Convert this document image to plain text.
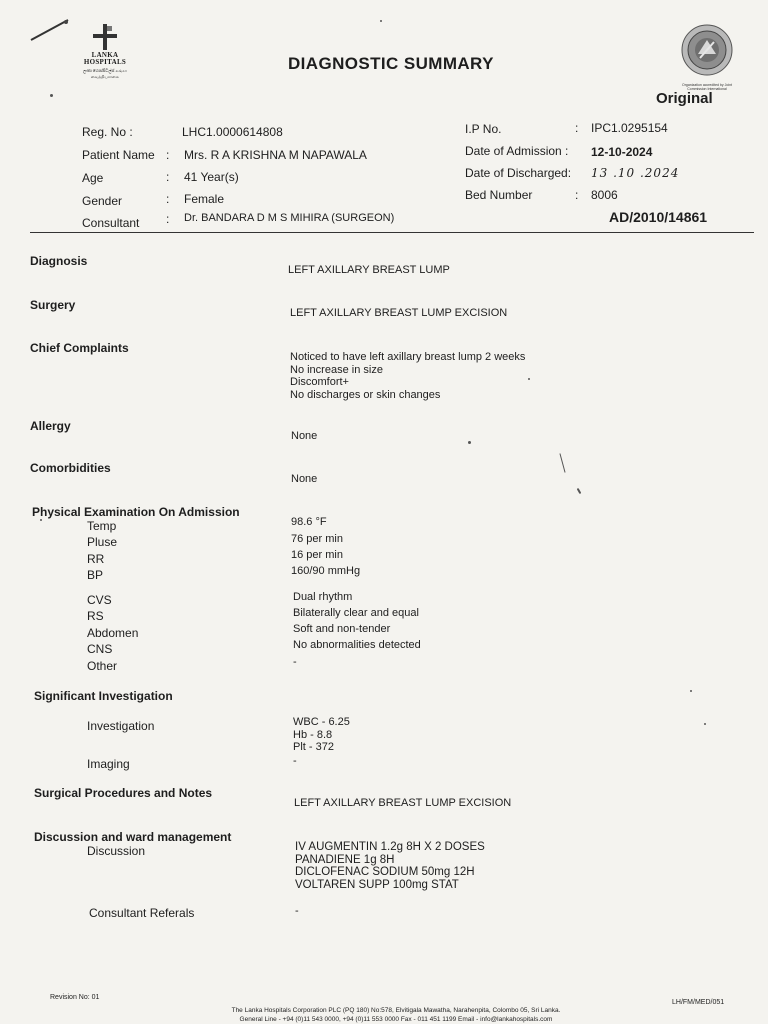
LANKA
HOSPITALS
ලංකා හොස්පිටල්ස් லங்கா வைத்தியசாலை
DIAGNOSTIC SUMMARY
Organization accredited by Joint Commission International
Original
Reg. No :	LHC1.0000614808
Patient Name : Mrs. R A KRISHNA M NAPAWALA
Age	: 41 Year(s)
Gender	: Female
Consultant : Dr. BANDARA D M S MIHIRA (SURGEON)
I.P No.	: IPC1.0295154
Date of Admission : 12-10-2024
Date of Discharged: 13 .10 .2024
Bed Number	: 8006
AD/2010/14861
Diagnosis
LEFT AXILLARY BREAST LUMP
Surgery
LEFT AXILLARY BREAST LUMP EXCISION
Chief Complaints
Noticed to have left axillary breast lump 2 weeks
No increase in size
Discomfort+
No discharges or skin changes
Allergy
None
Comorbidities
None
Physical Examination On Admission
Temp	98.6 °F
Pluse	76 per min
RR	16 per min
BP	160/90 mmHg
CVS	Dual rhythm
RS	Bilaterally clear and equal
Abdomen	Soft and non-tender
CNS	No abnormalities detected
Other	-
Significant Investigation
Investigation	WBC - 6.25
Hb - 8.8
Plt - 372
Imaging	-
Surgical Procedures and Notes
LEFT AXILLARY BREAST LUMP EXCISION
Discussion and ward management
Discussion	IV AUGMENTIN 1.2g 8H X 2 DOSES
PANADIENE 1g 8H
DICLOFENAC SODIUM 50mg 12H
VOLTAREN SUPP 100mg STAT
Consultant Referals	-
Revision No: 01
LH/FM/MED/051
The Lanka Hospitals Corporation PLC (PQ 180) No:578, Elvitigala Mawatha, Narahenpita, Colombo 05, Sri Lanka.
General Line - +94 (0)11 543 0000, +94 (0)11 553 0000 Fax - 011 451 1199 Email - info@lankahospitals.com
